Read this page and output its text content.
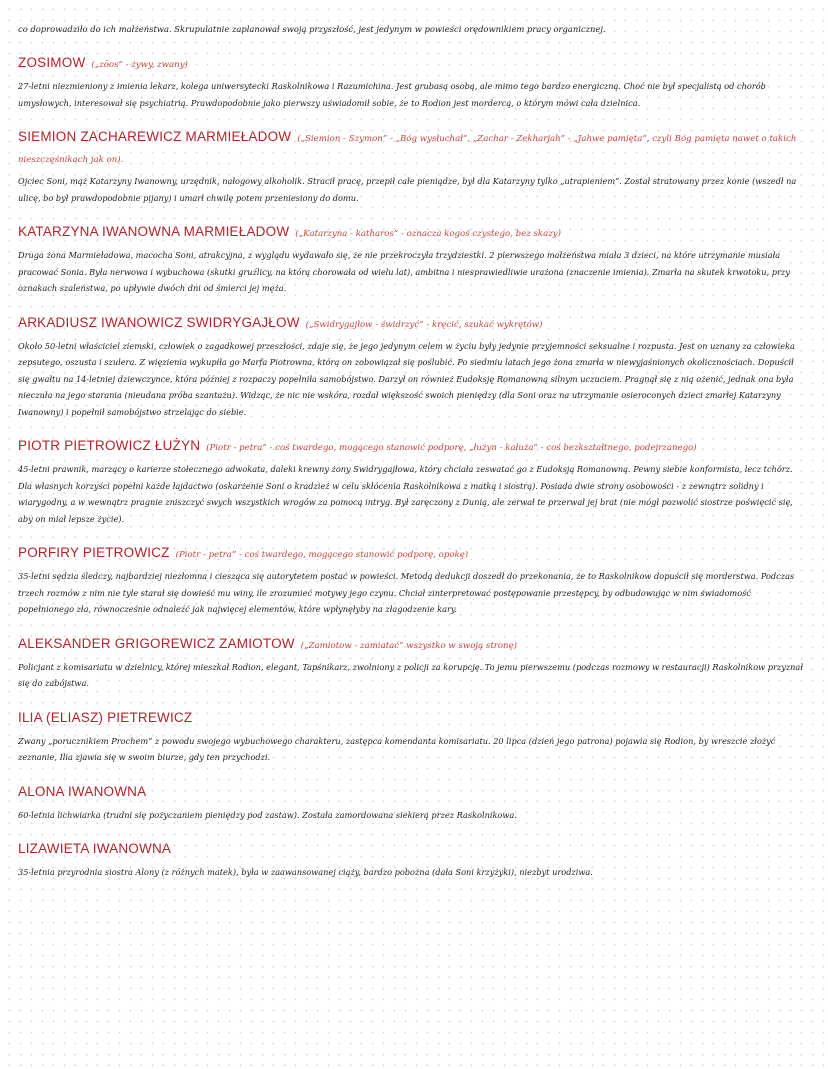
co doprowadziło do ich małżeństwa. Skrupulatnie zaplanował swoją przyszłość, jest jedynym w powieści orędownikiem pracy organicznej.
ZOSIMOW („zōos” - żywy, zwany)
27-letni niezmieniony z imienia lekarz, kolega uniwersytecki Raskolnikowa i Razumichina. Jest grubasą osobą, ale mimo tego bardzo energiczną. Choć nie był specjalistą od chorób umysłowych, interesował się psychiatrią. Prawdopodobnie jako pierwszy uświadomił sobie, że to Rodion jest mordercą, o którym mówi cała dzielnica.
SIEMION ZACHAREWICZ MARMIEŁADOW („Siemion - Szymon” - „Bóg wysłuchał”, „Zachar - Zekharjah” - „Jahwe pamięta”, czyli Bóg pamięta nawet o takich nieszczęśnikach jak on).
Ojciec Soni, mąż Katarzyny Iwanowny, urzędnik, nałogowy alkoholik. Stracił pracę, przepił całe pieniądze, był dla Katarzyny tylko „utrapieniem”. Został stratowany przez konie (wszedł na ulicę, bo był prawdopodobnie pijany) i umarł chwilę potem przeniesiony do domu.
KATARZYNA IWANOWNA MARMIEŁADOW („Katarzyna - katharos” - oznacza kogoś czystego, bez skazy)
Druga żona Marmieładowa, macocha Soni, atrakcyjna, z wyglądu wydawało się, że nie przekroczyła trzydziestki. 2 pierwszego małżeństwa miała 3 dzieci, na które utrzymanie musiała pracować Sonia. Była nerwowa i wybuchowa (skutki gruźlicy, na którą chorowała od wielu lat), ambitna i niesprawiedliwie urażona (znaczenie imienia). Zmarła na skutek krwotoku, przy oznakach szaleństwa, po upływie dwóch dni od śmierci jej męża.
ARKADIUSZ IWANOWICZ SWIDRYGAJŁOW („Swidrygajłow - świdrzyć” - kręcić, szukać wykrętów)
Około 50-letni właściciel ziemski, człowiek o zagadkowej przeszłości, zdaje się, że jego jedynym celem w życiu były jedynie przyjemności seksualne i rozpusta. Jest on uznany za człowieka zepsutego, oszusta i szulera. Z więzienia wykupiła go Marfa Piotrowna, którą on zobowiązał się poślubić. Po siedmiu latach jego żona zmarła w niewyjaśnionych okolicznościach. Dopuścił się gwałtu na 14-letniej dziewczynce, która później z rozpaczy popełniła samobójstwo. Darzył on również Eudoksję Romanowną silnym uczuciem. Pragnął się z nią ożenić, jednak ona była nieczuła na jego starania (nieudana próba szantażu). Widząc, że nic nie wskóra, rozdał większość swoich pieniędzy (dla Soni oraz na utrzymanie osieroconych dzieci zmarłej Katarzyny Iwanowny) i popełnił samobójstwo strzelając do siebie.
PIOTR PIETROWICZ ŁUŻYN (Piotr - petra” - coś twardego, mogącego stanowić podporę, „łużyn - kałuża” - coś bezkształtnego, podejrzanego)
45-letni prawnik, marzący o karierze stołecznego adwokata, daleki krewny żony Swidrygajłowa, który chciała zeswatać go z Eudoksją Romanowną. Pewny siebie konformista, lecz tchórz. Dla własnych korzyści popełni każde łajdactwo (oskarżenie Soni o kradzież w celu skłócenia Raskolnikowa z matką i siostrą). Posiada dwie strony osobowości - z zewnątrz solidny i wiarygodny, a w wewnątrz pragnie zniszczyć swych wszystkich wrogów za pomocą intryg. Był zaręczony z Dunią, ale zerwał te przerwał jej brat (nie mógł pozwolić siostrze poświęcić się, aby on miał lepsze życie).
PORFIRY PIETROWICZ (Piotr - petra” - coś twardego, mogącego stanowić podporę, opokę)
35-letni sędzia śledczy, najbardziej niezłomna i ciesząca się autorytetem postać w powieści. Metodą dedukcji doszedł do przekonania, że to Raskolnikow dopuścił się morderstwa. Podczas trzech rozmów z nim nie tyle starał się dowieść mu winy, ile zrozumieć motywy jego czynu. Chciał zinterpretować postępowanie przestępcy, by odbudowując w nim świadomość popełnionego zła, równocześnie odnaleźć jak najwięcej elementów, które wpłynęłyby na złagodzenie kary.
ALEKSANDER GRIGOREWICZ ZAMIOTOW („Zamiotow - zamiatać” wszystko w swoją stronę)
Policjant z komisariatu w dzielnicy, której mieszkał Rodion, elegant, Tapśnikarz, zwolniony z policji za korupcję. To jemu pierwszemu (podczas rozmowy w restauracji) Raskolnikow przyznał się do zabójstwa.
ILIA (ELIASZ) PIETREWICZ
Zwany „porucznikiem Prochem” z powodu swojego wybuchowego charakteru, zastępca komendanta komisariatu. 20 lipca (dzień jego patrona) pojawia się Rodion, by wreszcie złożyć zeznanie, Ilia zjawia się w swoim biurze, gdy ten przychodzi.
ALONA IWANOWNA
60-letnia lichwiarka (trudni się pożyczaniem pieniędzy pod zastaw). Została zamordowana siekierą przez Raskolnikowa.
LIZAWIETA IWANOWNA
35-letnia przyrodnia siostra Alony (z różnych matek), była w zaawansowanej ciąży, bardzo pobożna (dała Soni krzyżyki), niezbyt urodziwa.
